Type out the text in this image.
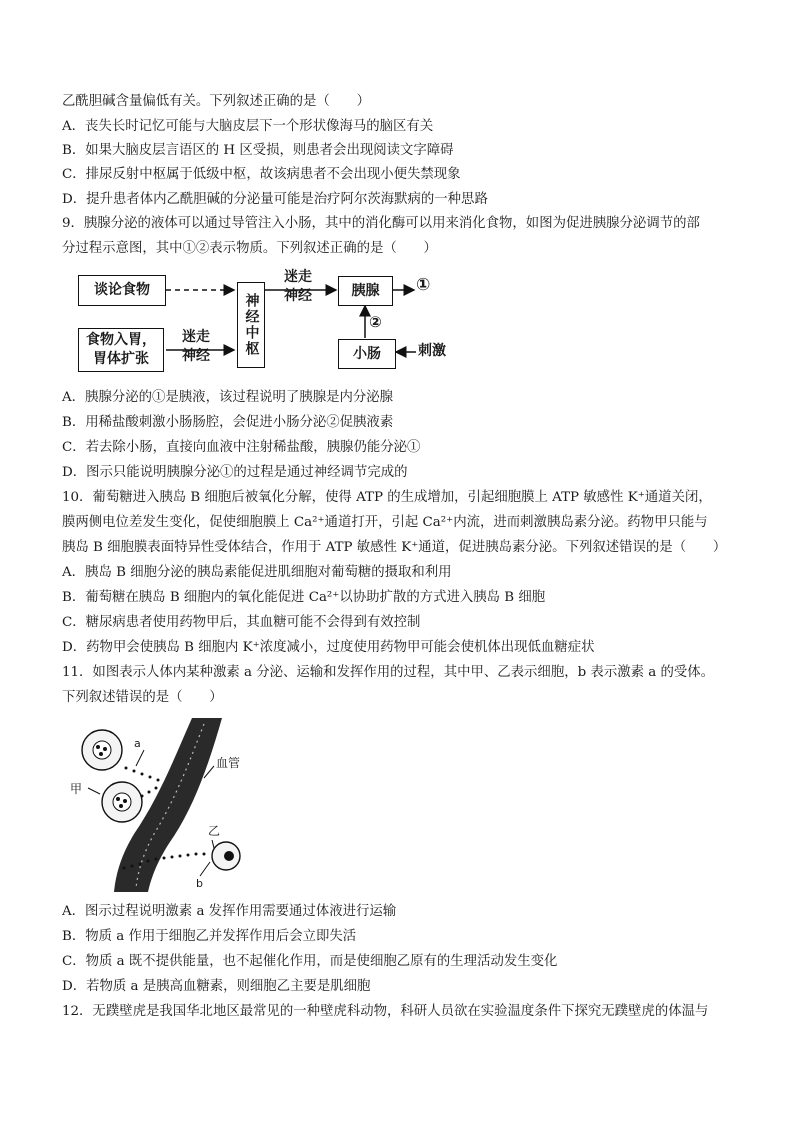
乙酰胆碱含量偏低有关。下列叙述正确的是（　　）
A．丧失长时记忆可能与大脑皮层下一个形状像海马的脑区有关
B．如果大脑皮层言语区的 H 区受损，则患者会出现阅读文字障碍
C．排尿反射中枢属于低级中枢，故该病患者不会出现小便失禁现象
D．提升患者体内乙酰胆碱的分泌量可能是治疗阿尔茨海默病的一种思路
9．胰腺分泌的液体可以通过导管注入小肠，其中的消化酶可以用来消化食物，如图为促进胰腺分泌调节的部
分过程示意图，其中①②表示物质。下列叙述正确的是（　　）
谈论食物
食物入胃，胃体扩张
神经中枢
迷走神经
迷走神经
胰腺	①
②
小肠	刺激
A．胰腺分泌的①是胰液，该过程说明了胰腺是内分泌腺
B．用稀盐酸刺激小肠肠腔，会促进小肠分泌②促胰液素
C．若去除小肠，直接向血液中注射稀盐酸，胰腺仍能分泌①
D．图示只能说明胰腺分泌①的过程是通过神经调节完成的
10．葡萄糖进入胰岛 B 细胞后被氧化分解，使得 ATP 的生成增加，引起细胞膜上 ATP 敏感性 K⁺通道关闭，
膜两侧电位差发生变化，促使细胞膜上 Ca²⁺通道打开，引起 Ca²⁺内流，进而刺激胰岛素分泌。药物甲只能与
胰岛 B 细胞膜表面特异性受体结合，作用于 ATP 敏感性 K⁺通道，促进胰岛素分泌。下列叙述错误的是（　　）
A．胰岛 B 细胞分泌的胰岛素能促进肌细胞对葡萄糖的摄取和利用
B．葡萄糖在胰岛 B 细胞内的氧化能促进 Ca²⁺以协助扩散的方式进入胰岛 B 细胞
C．糖尿病患者使用药物甲后，其血糖可能不会得到有效控制
D．药物甲会使胰岛 B 细胞内 K⁺浓度减小，过度使用药物甲可能会使机体出现低血糖症状
11．如图表示人体内某种激素 a 分泌、运输和发挥作用的过程，其中甲、乙表示细胞，b 表示激素 a 的受体。
下列叙述错误的是（　　）
a
甲
血管
乙
b
A．图示过程说明激素 a 发挥作用需要通过体液进行运输
B．物质 a 作用于细胞乙并发挥作用后会立即失活
C．物质 a 既不提供能量，也不起催化作用，而是使细胞乙原有的生理活动发生变化
D．若物质 a 是胰高血糖素，则细胞乙主要是肌细胞
12．无蹼壁虎是我国华北地区最常见的一种壁虎科动物，科研人员欲在实验温度条件下探究无蹼壁虎的体温与
